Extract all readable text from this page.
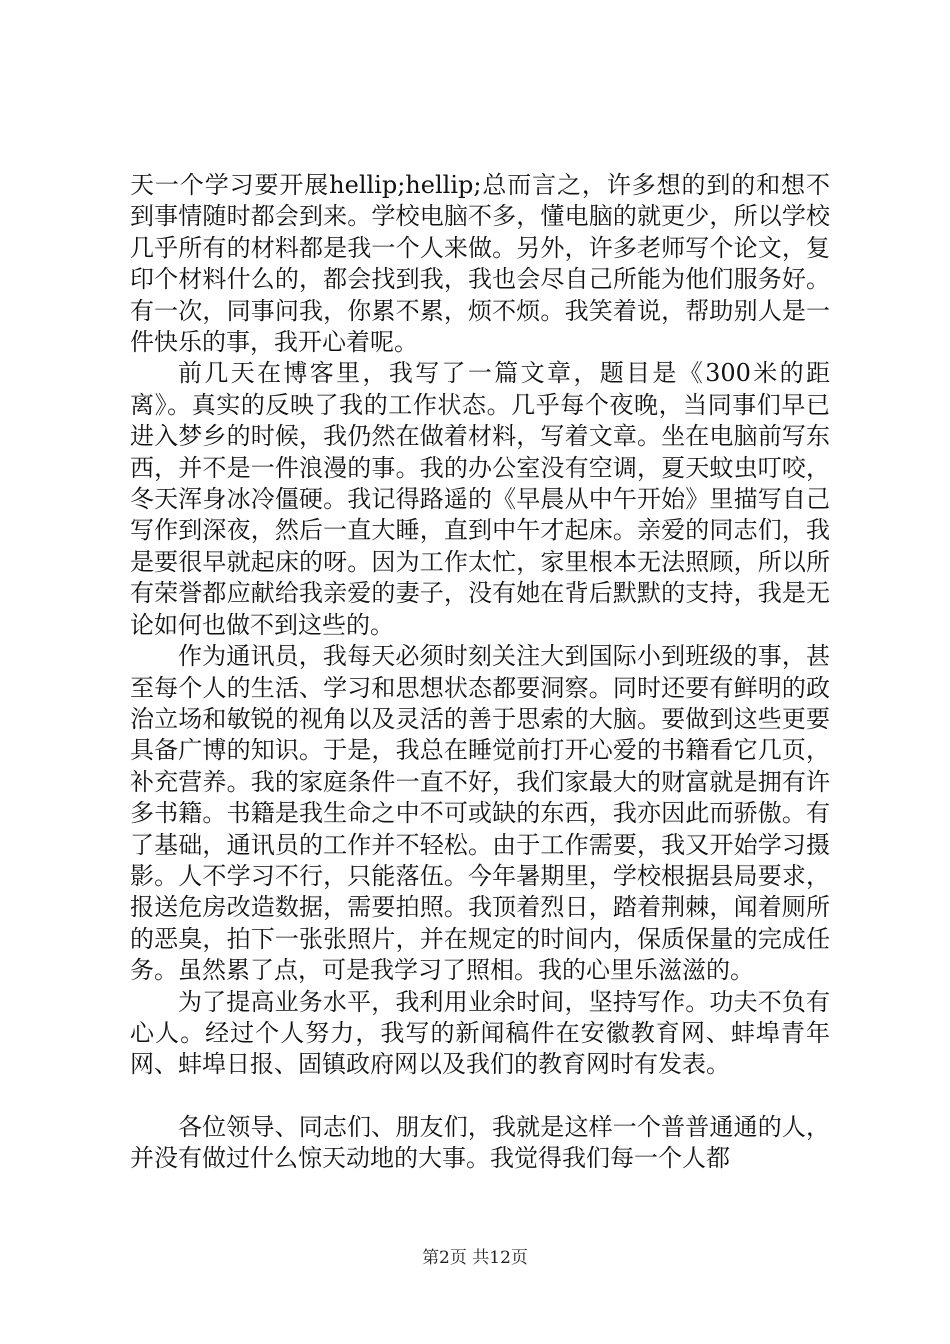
天一个学习要开展hellip;hellip;总而言之，许多想的到的和想不到事情随时都会到来。学校电脑不多，懂电脑的就更少，所以学校几乎所有的材料都是我一个人来做。另外，许多老师写个论文，复印个材料什么的，都会找到我，我也会尽自己所能为他们服务好。有一次，同事问我，你累不累，烦不烦。我笑着说，帮助别人是一件快乐的事，我开心着呢。

前几天在博客里，我写了一篇文章，题目是《300米的距离》。真实的反映了我的工作状态。几乎每个夜晚，当同事们早已进入梦乡的时候，我仍然在做着材料，写着文章。坐在电脑前写东西，并不是一件浪漫的事。我的办公室没有空调，夏天蚊虫叮咬，冬天浑身冰冷僵硬。我记得路遥的《早晨从中午开始》里描写自己写作到深夜，然后一直大睡，直到中午才起床。亲爱的同志们，我是要很早就起床的呀。因为工作太忙，家里根本无法照顾，所以所有荣誉都应献给我亲爱的妻子，没有她在背后默默的支持，我是无论如何也做不到这些的。

作为通讯员，我每天必须时刻关注大到国际小到班级的事，甚至每个人的生活、学习和思想状态都要洞察。同时还要有鲜明的政治立场和敏锐的视角以及灵活的善于思索的大脑。要做到这些更要具备广博的知识。于是，我总在睡觉前打开心爱的书籍看它几页，补充营养。我的家庭条件一直不好，我们家最大的财富就是拥有许多书籍。书籍是我生命之中不可或缺的东西，我亦因此而骄傲。有了基础，通讯员的工作并不轻松。由于工作需要，我又开始学习摄影。人不学习不行，只能落伍。今年暑期里，学校根据县局要求，报送危房改造数据，需要拍照。我顶着烈日，踏着荆棘，闻着厕所的恶臭，拍下一张张照片，并在规定的时间内，保质保量的完成任务。虽然累了点，可是我学习了照相。我的心里乐滋滋的。

为了提高业务水平，我利用业余时间，坚持写作。功夫不负有心人。经过个人努力，我写的新闻稿件在安徽教育网、蚌埠青年网、蚌埠日报、固镇政府网以及我们的教育网时有发表。

各位领导、同志们、朋友们，我就是这样一个普普通通的人，并没有做过什么惊天动地的大事。我觉得我们每一个人都

第2页 共12页
